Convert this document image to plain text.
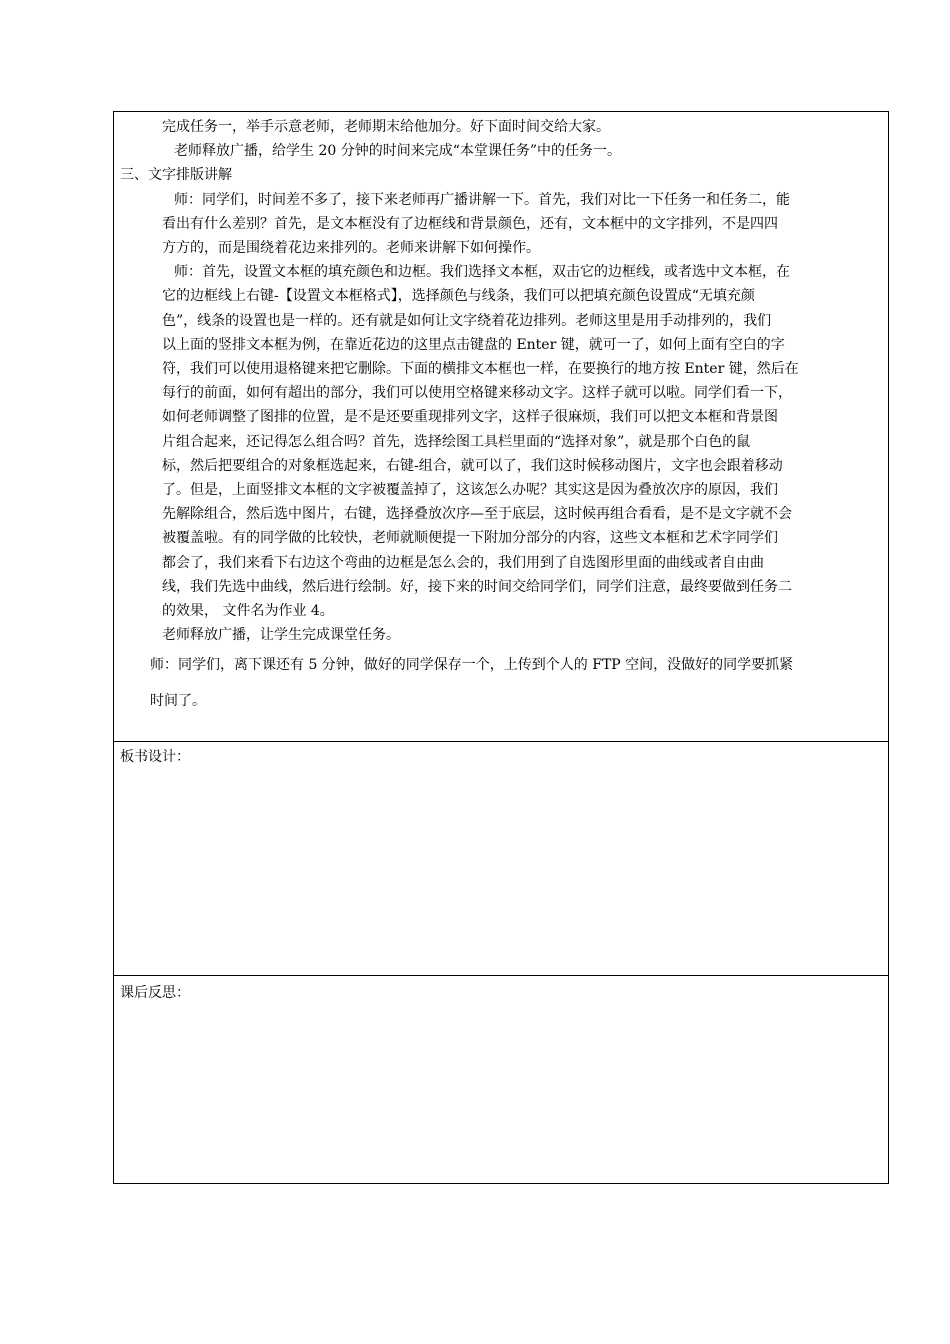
完成任务一，举手示意老师，老师期末给他加分。好下面时间交给大家。

老师释放广播，给学生 20 分钟的时间来完成“本堂课任务”中的任务一。

三、文字排版讲解

师：同学们，时间差不多了，接下来老师再广播讲解一下。首先，我们对比一下任务一和任务二，能

看出有什么差别？首先，是文本框没有了边框线和背景颜色，还有，文本框中的文字排列，不是四四

方方的，而是围绕着花边来排列的。老师来讲解下如何操作。

师：首先，设置文本框的填充颜色和边框。我们选择文本框，双击它的边框线，或者选中文本框，在

它的边框线上右键-【设置文本框格式】，选择颜色与线条，我们可以把填充颜色设置成“无填充颜

色”，线条的设置也是一样的。还有就是如何让文字绕着花边排列。老师这里是用手动排列的，我们

以上面的竖排文本框为例，在靠近花边的这里点击键盘的 Enter 键，就可一了，如何上面有空白的字

符，我们可以使用退格键来把它删除。下面的横排文本框也一样，在要换行的地方按 Enter 键，然后在

每行的前面，如何有超出的部分，我们可以使用空格键来移动文字。这样子就可以啦。同学们看一下，

如何老师调整了图排的位置，是不是还要重现排列文字，这样子很麻烦，我们可以把文本框和背景图

片组合起来，还记得怎么组合吗？首先，选择绘图工具栏里面的“选择对象”，就是那个白色的鼠

标，然后把要组合的对象框选起来，右键-组合，就可以了，我们这时候移动图片，文字也会跟着移动

了。但是，上面竖排文本框的文字被覆盖掉了，这该怎么办呢？其实这是因为叠放次序的原因，我们

先解除组合，然后选中图片，右键，选择叠放次序—至于底层，这时候再组合看看，是不是文字就不会

被覆盖啦。有的同学做的比较快，老师就顺便提一下附加分部分的内容，这些文本框和艺术字同学们

都会了，我们来看下右边这个弯曲的边框是怎么会的，我们用到了自选图形里面的曲线或者自由曲

线，我们先选中曲线，然后进行绘制。好，接下来的时间交给同学们，同学们注意，最终要做到任务二

的效果， 文件名为作业 4。

老师释放广播，让学生完成课堂任务。

师：同学们，离下课还有 5 分钟，做好的同学保存一个，上传到个人的 FTP 空间，没做好的同学要抓紧

时间了。

板书设计：

课后反思：
